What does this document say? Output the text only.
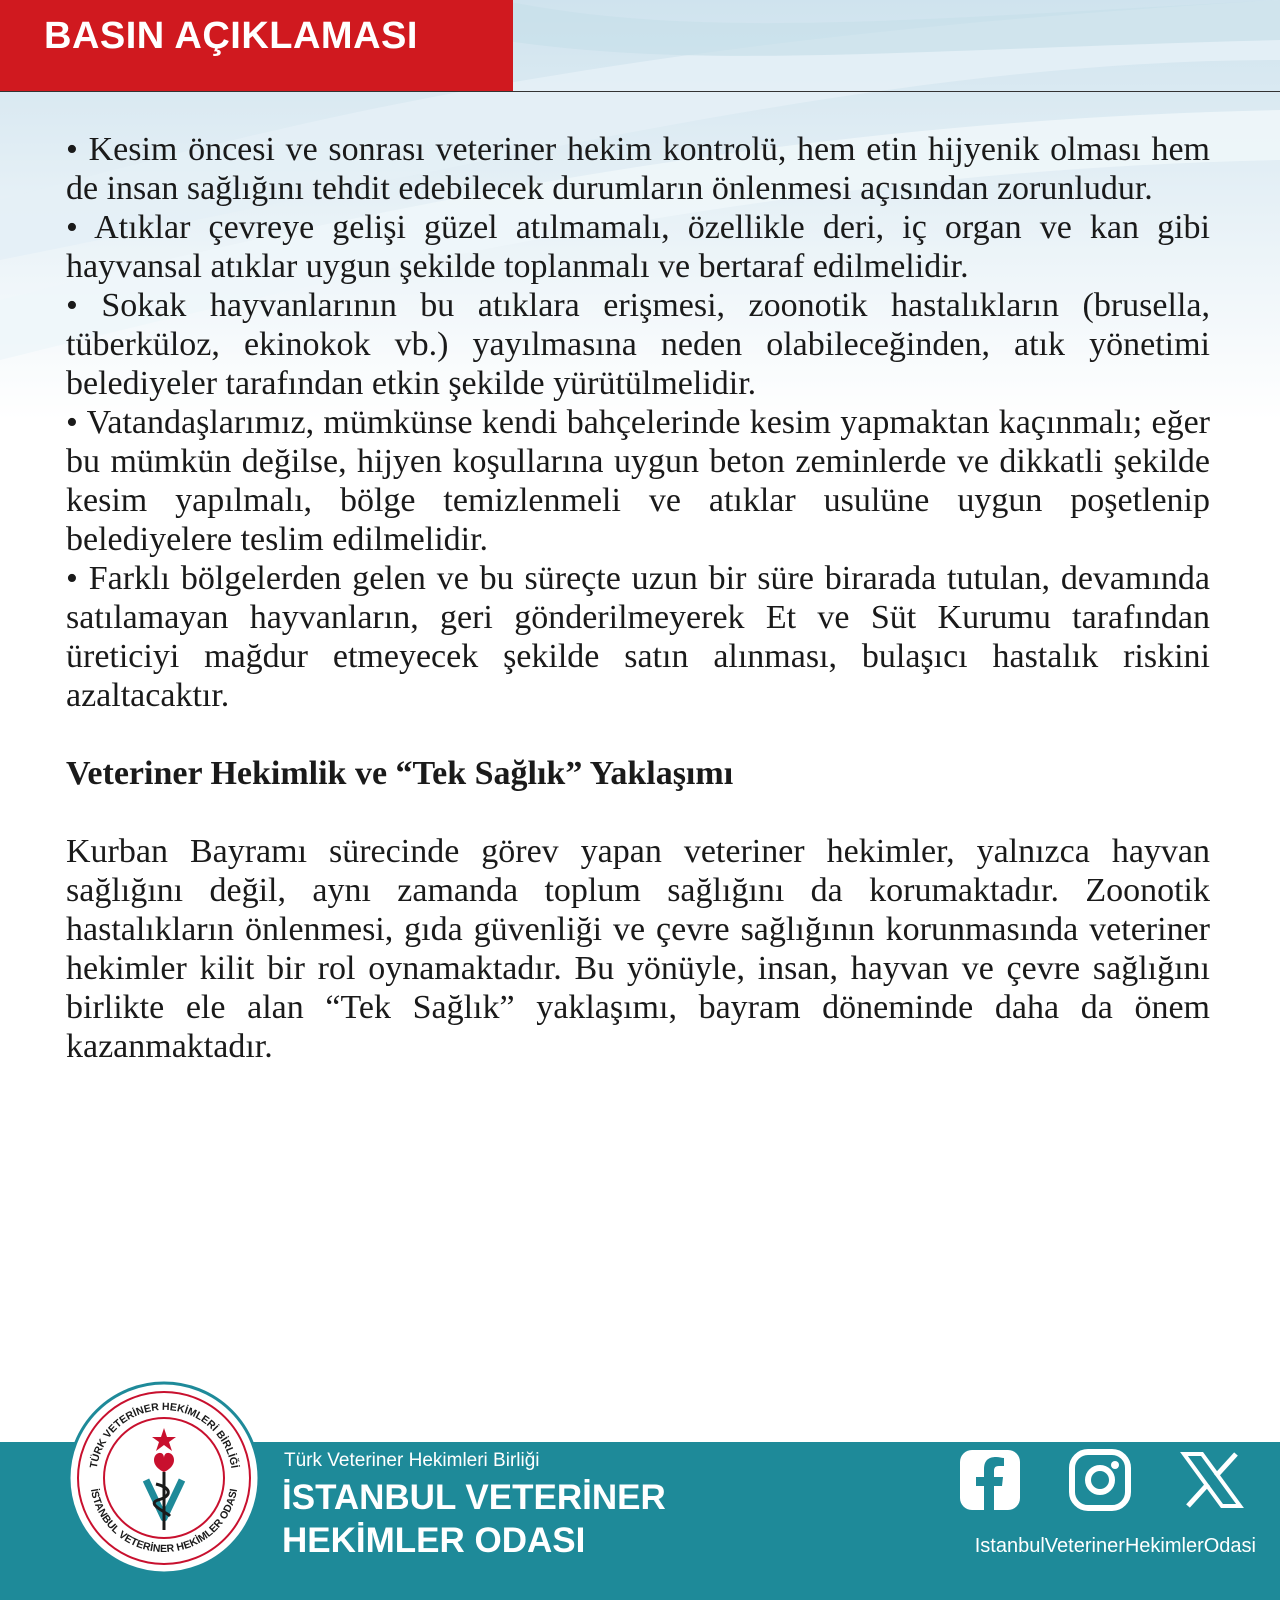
BASIN AÇIKLAMASI

• Kesim öncesi ve sonrası veteriner hekim kontrolü, hem etin hijyenik olması hem de insan sağlığını tehdit edebilecek durumların önlenmesi açısından zorunludur.

• Atıklar çevreye gelişi güzel atılmamalı, özellikle deri, iç organ ve kan gibi hayvansal atıklar uygun şekilde toplanmalı ve bertaraf edilmelidir.

• Sokak hayvanlarının bu atıklara erişmesi, zoonotik hastalıkların (brusella, tüberküloz, ekinokok vb.) yayılmasına neden olabileceğinden, atık yönetimi belediyeler tarafından etkin şekilde yürütülmelidir.

• Vatandaşlarımız, mümkünse kendi bahçelerinde kesim yapmaktan kaçınmalı; eğer bu mümkün değilse, hijyen koşullarına uygun beton zeminlerde ve dikkatli şekilde kesim yapılmalı, bölge temizlenmeli ve atıklar usulüne uygun poşetlenip belediyelere teslim edilmelidir.

• Farklı bölgelerden gelen ve bu süreçte uzun bir süre birarada tutulan, devamında satılamayan hayvanların, geri gönderilmeyerek Et ve Süt Kurumu tarafından üreticiyi mağdur etmeyecek şekilde satın alınması, bulaşıcı hastalık riskini azaltacaktır.

Veteriner Hekimlik ve “Tek Sağlık” Yaklaşımı

Kurban Bayramı sürecinde görev yapan veteriner hekimler, yalnızca hayvan sağlığını değil, aynı zamanda toplum sağlığını da korumaktadır. Zoonotik hastalıkların önlenmesi, gıda güvenliği ve çevre sağlığının korunmasında veteriner hekimler kilit bir rol oynamaktadır. Bu yönüyle, insan, hayvan ve çevre sağlığını birlikte ele alan “Tek Sağlık” yaklaşımı, bayram döneminde daha da önem kazanmaktadır.

TÜRK VETERİNER HEKİMLERİ BİRLİĞİ
İSTANBUL VETERİNER HEKİMLER ODASI
Türk Veteriner Hekimleri Birliği
İSTANBUL VETERİNER
HEKİMLER ODASI	IstanbulVeterinerHekimlerOdasi
